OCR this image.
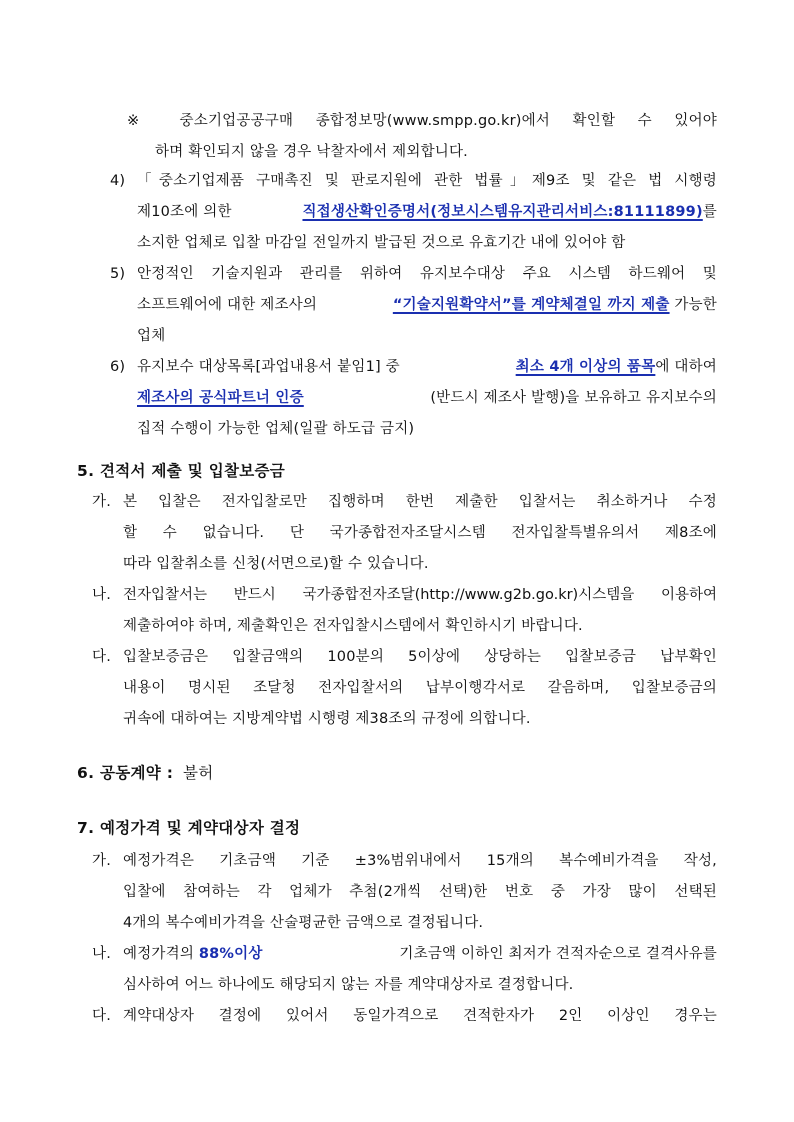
※ 중소기업공공구매 종합정보망(www.smpp.go.kr)에서 확인할 수 있어야
하며 확인되지 않을 경우 낙찰자에서 제외합니다.
4) 「중소기업제품 구매촉진 및 판로지원에 관한 법률」제9조 및 같은 법 시행령
제10조에 의한	직접생산확인증명서(정보시스템유지관리서비스:81111899)를
소지한 업체로 입찰 마감일 전일까지 발급된 것으로 유효기간 내에 있어야 함
5) 안정적인 기술지원과 관리를 위하여 유지보수대상 주요 시스템 하드웨어 및
소프트웨어에 대한 제조사의	“기술지원확약서”를 계약체결일 까지 제출 가능한
업체
6) 유지보수 대상목록[과업내용서 붙임1] 중	최소 4개 이상의 품목에 대하여
제조사의 공식파트너 인증	(반드시 제조사 발행)을 보유하고 유지보수의
집적 수행이 가능한 업체(일괄 하도급 금지)
5. 견적서 제출 및 입찰보증금
가. 본 입찰은 전자입찰로만 집행하며 한번 제출한 입찰서는 취소하거나 수정
할 수 없습니다. 단 국가종합전자조달시스템 전자입찰특별유의서 제8조에
따라 입찰취소를 신청(서면으로)할 수 있습니다.
나. 전자입찰서는 반드시 국가종합전자조달(http://www.g2b.go.kr)시스템을 이용하여
제출하여야 하며, 제출확인은 전자입찰시스템에서 확인하시기 바랍니다.
다. 입찰보증금은 입찰금액의 100분의 5이상에 상당하는 입찰보증금 납부확인
내용이 명시된 조달청 전자입찰서의 납부이행각서로 갈음하며, 입찰보증금의
귀속에 대하여는 지방계약법 시행령 제38조의 규정에 의합니다.
6. 공동계약 : 불허
7. 예정가격 및 계약대상자 결정
가. 예정가격은 기초금액 기준 ±3%범위내에서 15개의 복수예비가격을 작성,
입찰에 참여하는 각 업체가 추첨(2개씩 선택)한 번호 중 가장 많이 선택된
4개의 복수예비가격을 산술평균한 금액으로 결정됩니다.
나. 예정가격의 88%이상	기초금액 이하인 최저가 견적자순으로 결격사유를
심사하여 어느 하나에도 해당되지 않는 자를 계약대상자로 결정합니다.
다. 계약대상자 결정에 있어서 동일가격으로 견적한자가 2인 이상인 경우는
